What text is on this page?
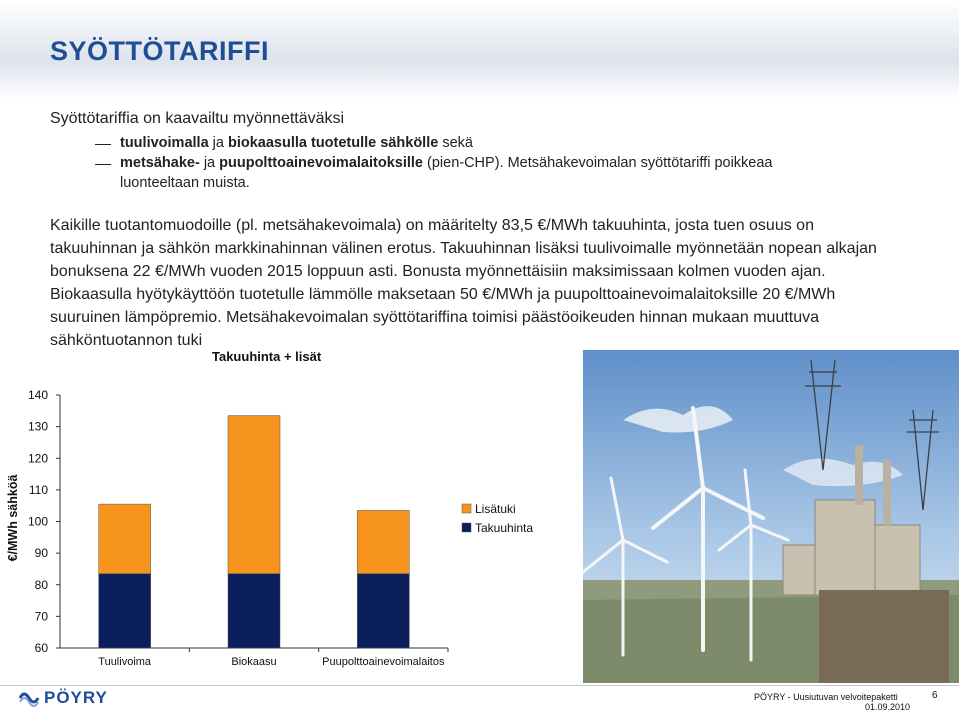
SYÖTTÖTARIFFI
Syöttötariffia on kaavailtu myönnettäväksi
tuulivoimalla ja biokaasulla tuotetulle sähkölle sekä
metsähake- ja puupolttoainevoimalaitoksille (pien-CHP). Metsähakevoimalan syöttötariffi poikkeaa
luonteeltaan muista.
Kaikille tuotantomuodoille (pl. metsähakevoimala) on määritelty 83,5 €/MWh takuuhinta, josta tuen osuus on takuuhinnan ja sähkön markkinahinnan välinen erotus. Takuuhinnan lisäksi tuulivoimalle myönnetään nopean alkajan bonuksena 22 €/MWh vuoden 2015 loppuun asti. Bonusta myönnettäisiin maksimissaan kolmen vuoden ajan. Biokaasulla hyötykäyttöön tuotetulle lämmölle maksetaan 50 €/MWh ja puupolttoainevoimalaitoksille 20 €/MWh suuruinen lämpöpremio. Metsähakevoimalan syöttötariffina toimisi päästöoikeuden hinnan mukaan muuttuva sähköntuotannon tuki
Takuuhinta + lisät
€/MWh sähköä
60
70
80
90
100
110
120
130
140
Tuulivoima	Biokaasu	Puupolttoainevoimalaitos
Lisätuki
Takuuhinta
PÖYRY	PÖYRY - Uusiutuvan velvoitepaketti
01.09.2010
6
